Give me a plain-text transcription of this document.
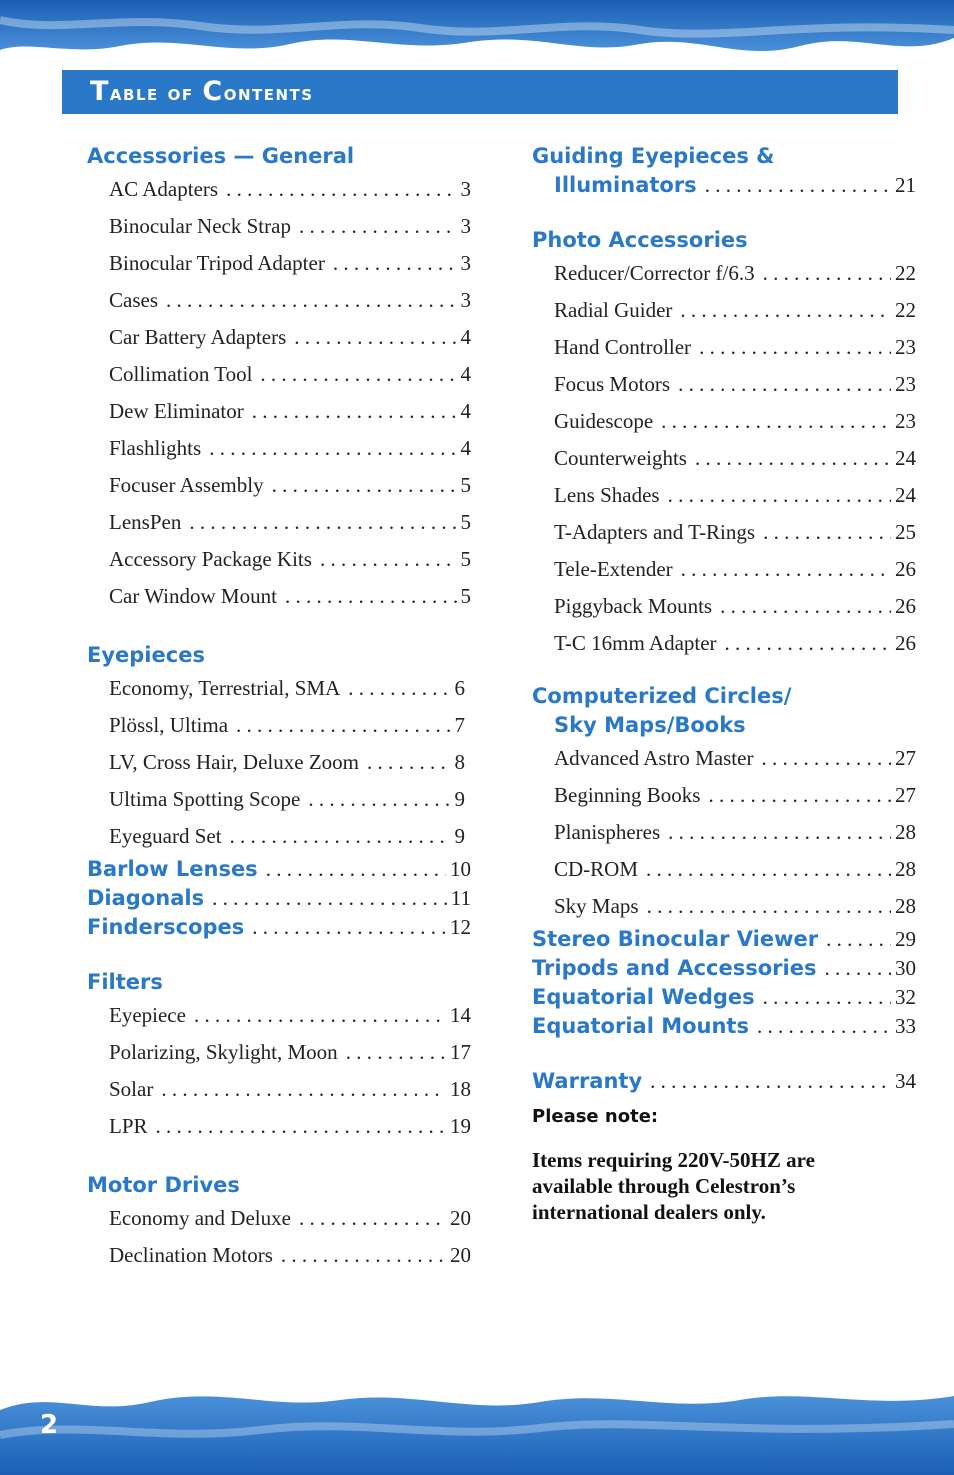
Table of Contents
Accessories — General
AC Adapters . . .	3
Binocular Neck Strap . . .	3
Binocular Tripod Adapter . . .	3
Cases . . .	3
Car Battery Adapters . . .	4
Collimation Tool . . .	4
Dew Eliminator . . .	4
Flashlights . . .	4
Focuser Assembly . . .	5
LensPen . . .	5
Accessory Package Kits . . .	5
Car Window Mount . . .	5
Eyepieces
Economy, Terrestrial, SMA . . .	6
Plössl, Ultima . . .	7
LV, Cross Hair, Deluxe Zoom . . .	8
Ultima Spotting Scope . . .	9
Eyeguard Set . . .	9
Barlow Lenses . . .	10
Diagonals . . .	11
Finderscopes . . .	12
Filters
Eyepiece . . .	14
Polarizing, Skylight, Moon . . .	17
Solar . . .	18
LPR . . .	19
Motor Drives
Economy and Deluxe . . .	20
Declination Motors . . .	20
Guiding Eyepieces &
Illuminators . . .	21
Photo Accessories
Reducer/Corrector f/6.3 . . .	22
Radial Guider . . .	22
Hand Controller . . .	23
Focus Motors . . .	23
Guidescope . . .	23
Counterweights . . .	24
Lens Shades . . .	24
T-Adapters and T-Rings . . .	25
Tele-Extender . . .	26
Piggyback Mounts . . .	26
T-C 16mm Adapter . . .	26
Computerized Circles/
Sky Maps/Books
Advanced Astro Master . . .	27
Beginning Books . . .	27
Planispheres . . .	28
CD-ROM . . .	28
Sky Maps . . .	28
Stereo Binocular Viewer . . .	29
Tripods and Accessories . . .	30
Equatorial Wedges . . .	32
Equatorial Mounts . . .	33
Warranty . . .	34
Please note:
Items requiring 220V-50HZ are available through Celestron’s international dealers only.
2
